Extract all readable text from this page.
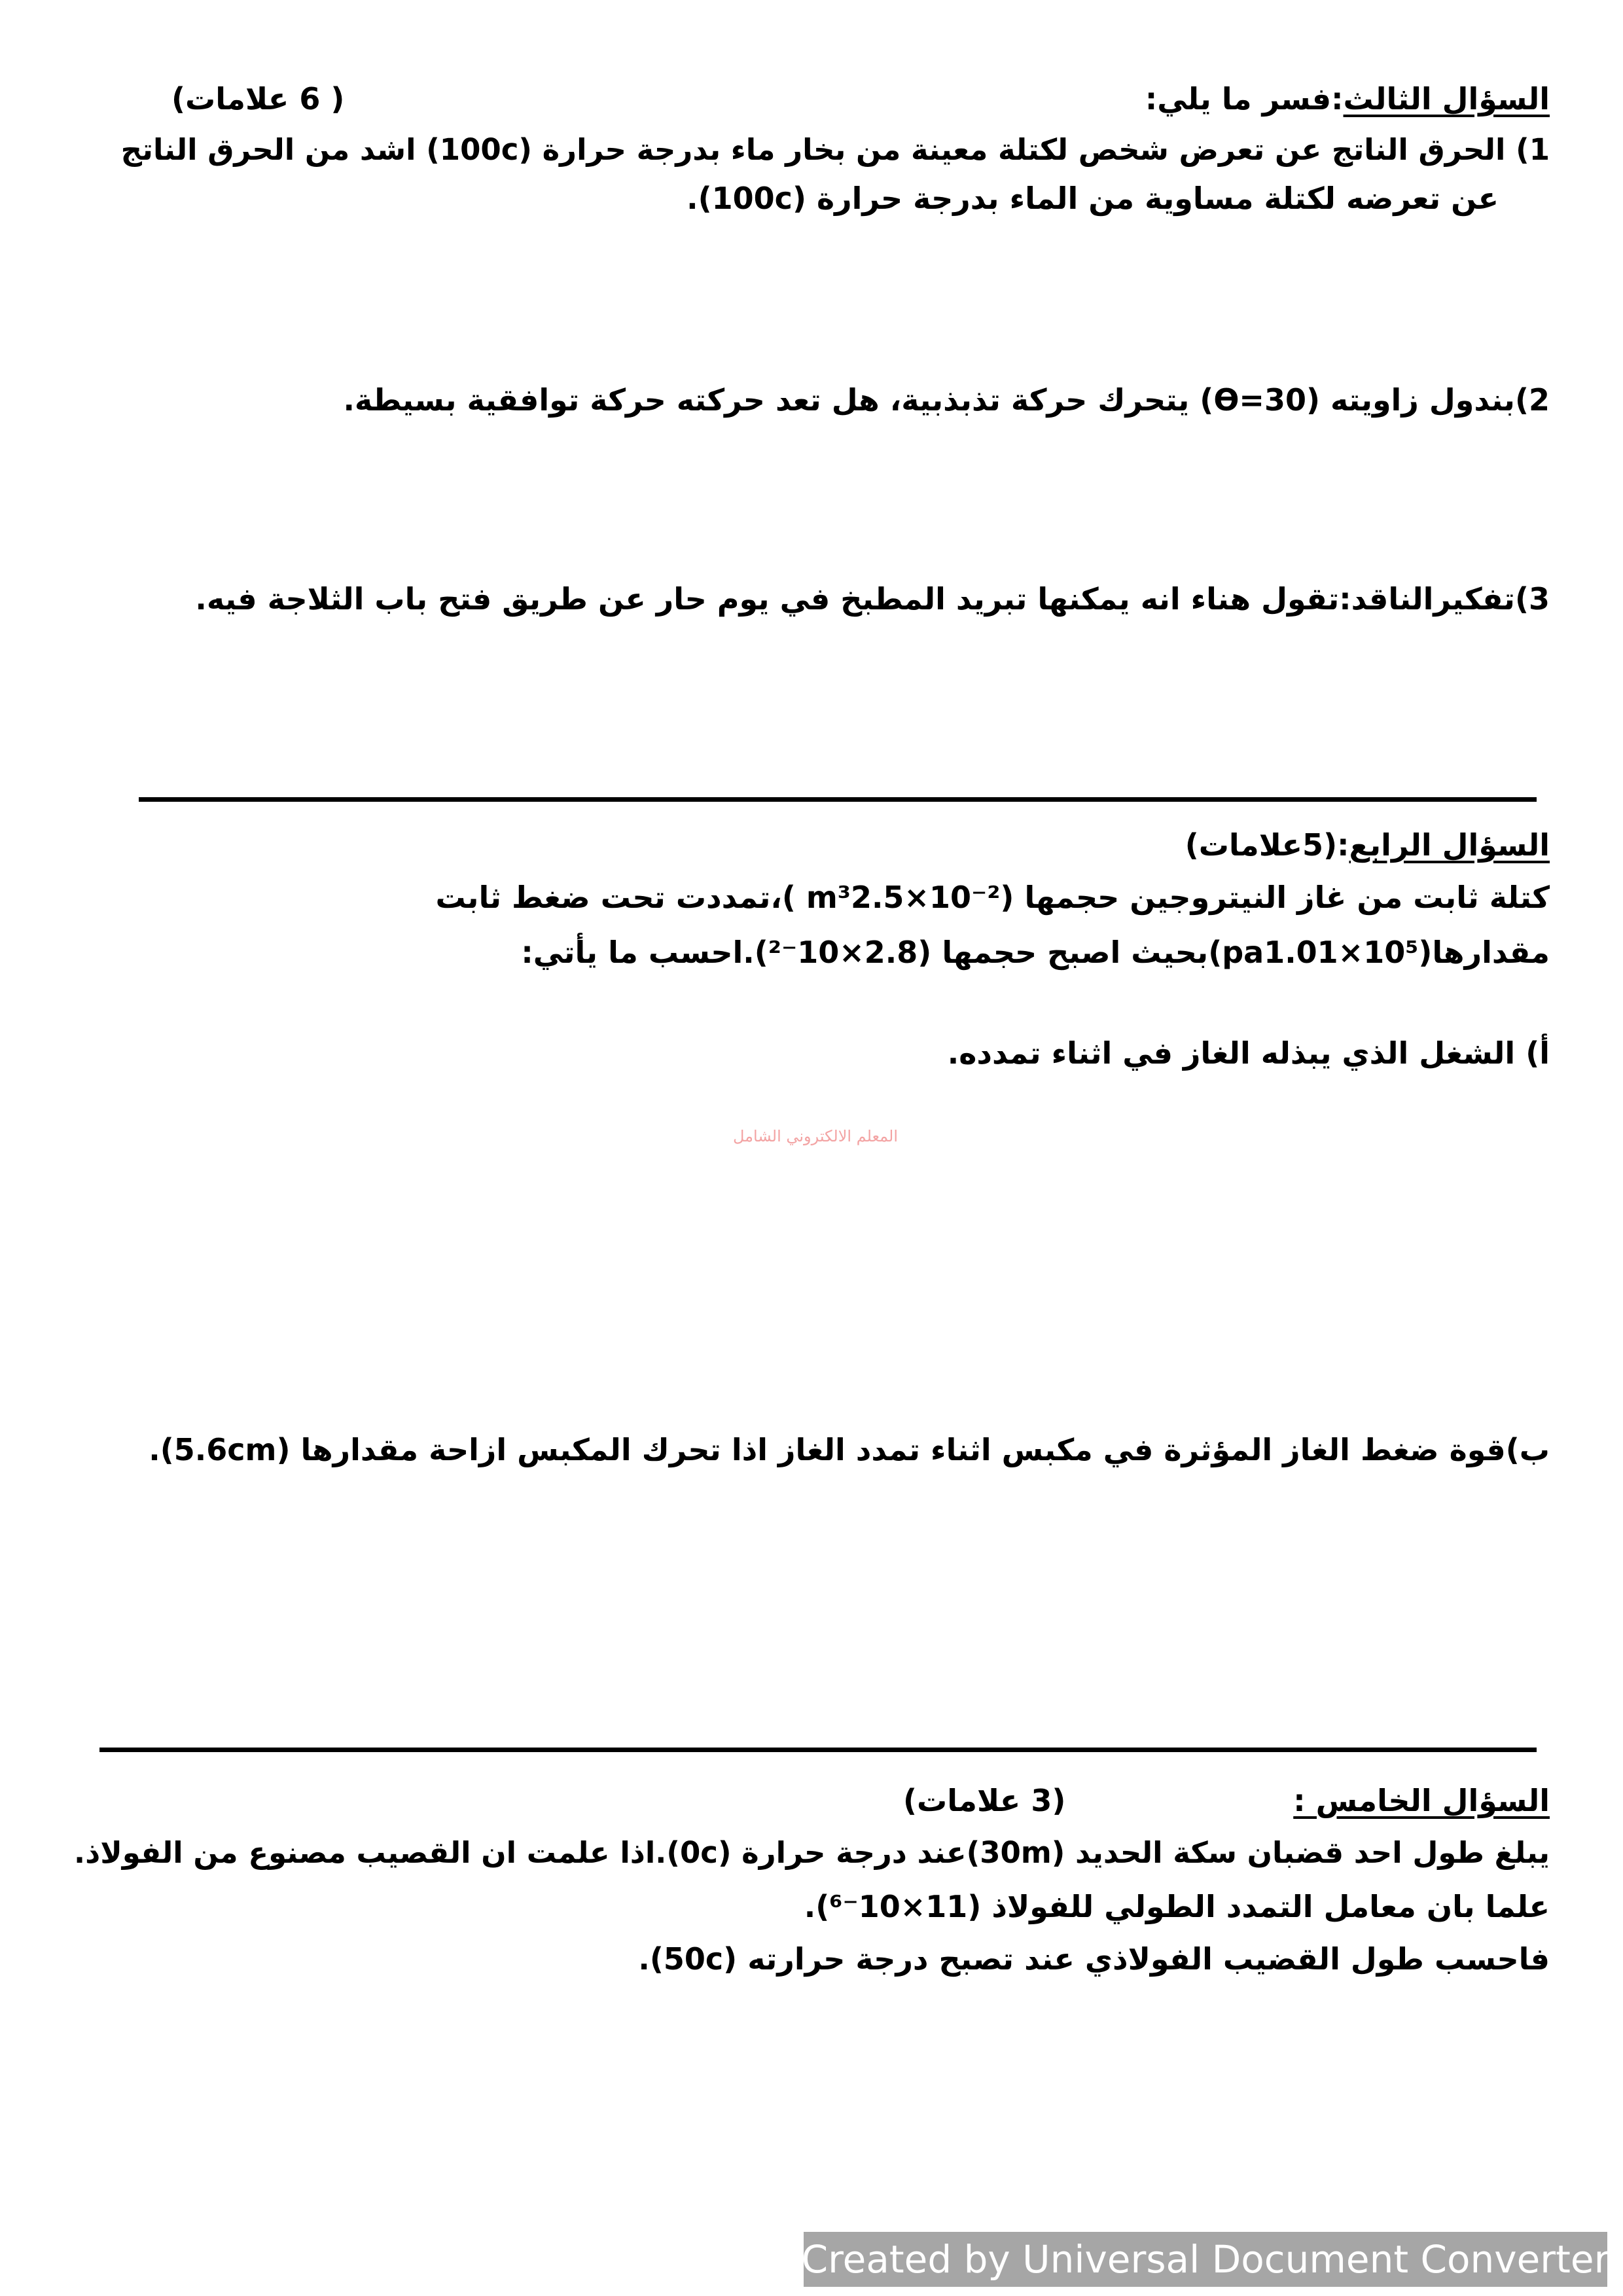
السؤال الثالث:فسر ما يلي:
( 6 علامات)
1) الحرق الناتج عن تعرض شخص لكتلة معينة من بخار ماء بدرجة حرارة (100c) اشد من الحرق الناتج
عن تعرضه لكتلة مساوية من الماء بدرجة حرارة (100c).
2)بندول زاويته (Ɵ=30) يتحرك حركة تذبذبية، هل تعد حركته حركة توافقية بسيطة.
3)تفكيرالناقد:تقول هناء انه يمكنها تبريد المطبخ في يوم حار عن طريق فتح باب الثلاجة فيه.
السؤال الرابع:(5علامات)
كتلة ثابت من غاز النيتروجين حجمها (m³2.5×10⁻² )،تمددت تحت ضغط ثابت
مقدارها(pa1.01×10⁵)بحيث اصبح حجمها (2.8×10⁻²).احسب ما يأتي:
أ) الشغل الذي يبذله الغاز في اثناء تمدده.
المعلم الالكتروني الشامل
ب)قوة ضغط الغاز المؤثرة في مكبس اثناء تمدد الغاز اذا تحرك المكبس ازاحة مقدارها (5.6cm).
السؤال الخامس :
(3 علامات)
يبلغ طول احد قضبان سكة الحديد (30m)عند درجة حرارة (0c).اذا علمت ان القصيب مصنوع من الفولاذ.
علما بان معامل التمدد الطولي للفولاذ (11×10⁻⁶).
فاحسب طول القضيب الفولاذي عند تصبح درجة حرارته (50c).
Created by Universal Document Converter
